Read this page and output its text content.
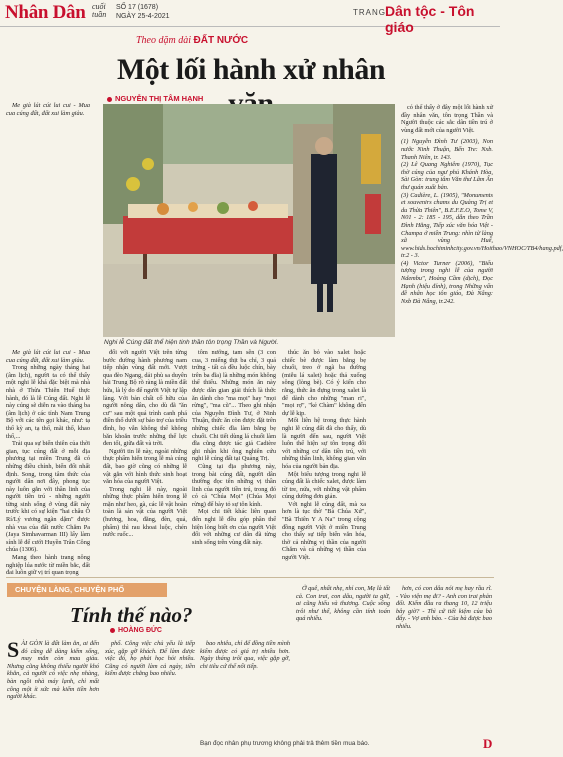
Nhân Dân cuối
tuần
SỐ 17 (1678)
NGÀY 25-4-2021	TRANG Dân tộc - Tôn giáo
Theo dặm dài ĐẤT NƯỚC
Một lối hành xử nhân
NGUYỄN THỊ TÂM HẠNH

Me già lút cút lui cui - Mua cua cúng đất, đất xui làm giàu.

Nghi lễ Cúng đất thể hiện tinh thần tôn trọng Thần và Người.

Me già lút cút lui cui - Mua cua cúng đất, đất xui làm giàu.

Trong những ngày tháng hai (âm lịch), người ta có thể thấy một nghi lễ khá đặc biệt mà nhà nhà ở Thừa Thiên Huế thực hành, đó là lễ Cúng đất. Nghi lễ này cúng sẽ diễn ra vào tháng ba (âm lịch) ở các tỉnh Nam Trung Bộ với các tên gọi khác, như: tạ thổ kỳ an, tạ thổ, mãi thổ, khao thổ,...

Trải qua sự biến thiên của thời gian, tục cúng đất ở mỗi địa phương tại miền Trung đã có những điều chỉnh, biến đổi nhất định. Song, trong tâm thức của người dân nơi đây, phong tục này luôn gắn với thần linh của người tiền trú - những người từng sinh sống ở vùng đất này trước khi có sự kiện "hai châu Ô Rí/Lý vương ngãn dặm" được nhà vua của đất nước Chăm Pa (Jaya Simhavarman III) lấy làm sính lễ để cưới Huyền Trân Công chúa (1306).

Mang theo hành trang nông nghiệp lúa nước từ miền bắc, đất đai luôn giữ vị trí quan trọng

đối với người Việt trên từng bước đường hành phương nam tiếp nhận vùng đất mới. Vượt qua đèo Ngang, dải phù sa duyên hải Trung Bộ rõ ràng là miền đất hứa, là lý do để người Việt tự lập làng. Với bản chất cố hữu của người nông dân, cho dù đã "ăn cư" sau một quá trình canh phá điền thổ dưới sự bảo trợ của triều đình, họ vẫn không thể không băn khoăn trước những thế lực đen tối, giữa đất và trời.

Người tin lễ này, ngoài những thực phẩm hiến trong lễ mà cúng đất, bao giờ cũng có những lễ vật gắn với hình thức sinh hoạt văn hóa của người Việt.

Trong nghi lễ này, ngoài những thực phẩm hiến trong lễ mặn như heo, gà, các lễ vật hoàn toàn là sản vật của người Việt (hương, hoa, đăng, đèn, quả, phẩm) thì rau khoai luộc, chén nước ruốc...

tôm nướng, tam sên (3 con cua, 3 miếng thịt ba chỉ, 3 quả trứng - tất cả đều luộc chín, bày trên ba đĩa) là những món không thể thiếu. Những món ăn này được dân gian giải thích là thức ăn dành cho "ma mọi" hay "mọi rừng", "ma cũ"... Theo ghi nhận của Nguyễn Đình Tư, ở Ninh Thuận, thức ăn còn được đặt trên những chiếc đĩa làm bằng bẹ chuối. Chi tiết dùng lá chuối làm đĩa cũng được tác giả Cadière ghi nhận khi ông nghiên cứu nghi lễ cúng đất tại Quảng Trị.

Cũng tại địa phương này, trong bài cúng đất, người dân thường đọc tên những vị thần linh của người tiền trú, trong đó có cả "Chúa Mọi" (Chúa Mọi rừng) để bày tỏ sự tôn kính.

Mọi chi tiết khác liên quan đến nghi lễ đều góp phần thể hiện lòng biết ơn của người Việt đối với những cư dân đã từng sinh sống trên vùng đất này.

thúc ăn bỏ vào xalet hoặc chiếc bè được làm bằng bẹ chuối, treo ở ngã ba đường (miễu lá xalet) hoặc thả xuống sông (lòng bè). Có ý kiến cho rằng, thức ăn đựng trong xalet là để dành cho những "man ri", "mọi rợ", "kẻ Chàm" không đến dự lễ kịp.

Mối liên hệ trong thực hành nghi lễ cúng đất đã cho thấy, dù là người đến sau, người Việt luôn thể hiện sự tôn trọng đối với những cư dân tiền trú, với những thần linh, không gian văn hóa của người bản địa.

Một biểu tượng trong nghi lễ cúng đất là chiếc xalet, được làm từ tre, nứa, với những vật phẩm cúng dường đơn giản.

Với nghi lễ cúng đất, mà xa hơn là tục thờ "Bà Chúa Xứ", "Bà Thiên Y A Na" trong cộng đồng người Việt ở miền Trung cho thấy sự tiếp biến văn hóa, thờ cả những vị thần của người Chăm và cả những vị thần của người Việt.

có thể thấy ở đây một lối hành xử đầy nhân văn, tôn trọng Thần và Người thuộc các sắc dân tiền trú ở vùng đất mới của người Việt.

(1) Nguyễn Đình Tư (2003), Non nước Ninh Thuận, Bến Tre: Nxb. Thanh Niên, tr. 143.

(2) Lê Quang Nghiêm (1970), Tục thờ cúng của ngư phủ Khánh Hòa, Sài Gòn: trung tâm Văn thư Lâm Ấn thư quán xuất bản.

(3) Cadière, L. (1905), "Monuments et souvenirs chams du Quảng Trị et du Thừa Thiên", B.E.F.E.O, Tome V, N01 - 2: 185 - 195, dẫn theo Trần Đình Hằng, Tiếp xúc văn hóa Việt - Champa ở miền Trung: nhìn từ làng xã vùng Huế, www.hids.hochiminhcity.gov.vn/Hoithao/VNHOC/TB4/hang.pdf, tr.2 - 3.

(4) Victor Turner (2006), "Biểu tượng trong nghi lễ của người Ndembu", Hoàng Cầm (dịch), Đọc Hạnh (hiệu đính), trong Những vấn đề nhân học tôn giáo, Đà Nẵng: Nxb Đà Nẵng, tr.242.

CHUYỆN LÀNG, CHUYỆN PHỐ
Tính thế nào?
HOÀNG ĐỨC
SÀI GÒN là đất làm ăn, ai đến đó cũng dễ dàng kiếm sống, may mắn còn mau giàu. Nhưng cũng không thiếu người khó khăn, cả người có việc nhẹ nhàng, bàn ngồi nhà máy lạnh, chỉ mất công một ít sức mà kiếm tiền hơn người khác.

phố. Công việc chủ yếu là tiếp xúc, gặp gỡ khách. Để làm được việc đó, họ phải học hỏi nhiều. Cũng có người làm cả ngày, tiền kiếm được chẳng bao nhiêu.

bao nhiêu, chỉ để đồng tiền mình kiếm được có giá trị nhiều hơn. Ngày tháng trôi qua, việc gặp gỡ, chi tiêu cứ thế nối tiếp.

Ở quê, nhất nhẹ, nhỉ con, Mẹ là tất cả. Con trai, con dâu, người ta giữ, ai cũng hiểu và thương. Cuộc sống trôi như thế, không cần tính toán quá nhiều.

hơn, có con dâu nói mẹ hay rầu rĩ. - Vào viện mẹ đi? - Anh con trai phản đối. Kiểm đầu ra thang 10, 12 triệu bây giờ? - Thì cứ tiết kiệm của bà đây. - Vợ anh bảo. - Của bà được bao nhiêu.

Bạn đọc nhân phụ trương không phải trả thêm tiền mua báo.	D
